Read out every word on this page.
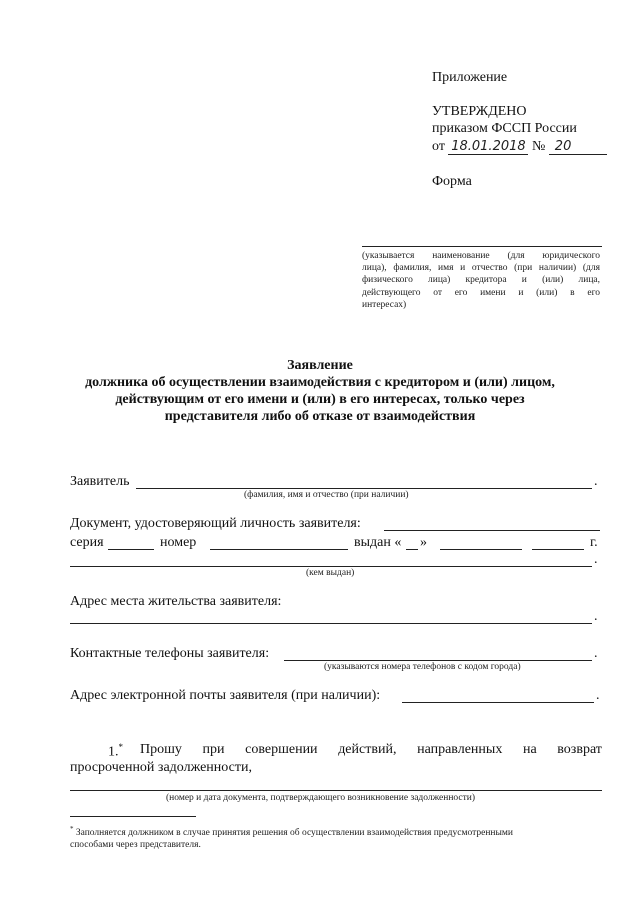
Приложение
УТВЕРЖДЕНО
приказом ФССП России
от 18.01.2018 № 20
Форма
(указывается наименование (для юридического
лица), фамилия, имя и отчество (при наличии) (для
физического лица) кредитора и (или) лица,
действующего от его имени и (или) в его
интересах)
Заявление
должника об осуществлении взаимодействия с кредитором и (или) лицом,
действующим от его имени и (или) в его интересах, только через
представителя либо об отказе от взаимодействия
Заявитель	.
(фамилия, имя и отчество (при наличии)
Документ, удостоверяющий личность заявителя:
серия	номер	выдан « »	г.
.
(кем выдан)
Адрес места жительства заявителя:
.
Контактные телефоны заявителя:	.
(указываются номера телефонов с кодом города)
Адрес электронной почты заявителя (при наличии):	.
1.* Прошу при совершении действий, направленных на возврат
просроченной задолженности,
(номер и дата документа, подтверждающего возникновение задолженности)
* Заполняется должником в случае принятия решения об осуществлении взаимодействия предусмотренными
способами через представителя.
